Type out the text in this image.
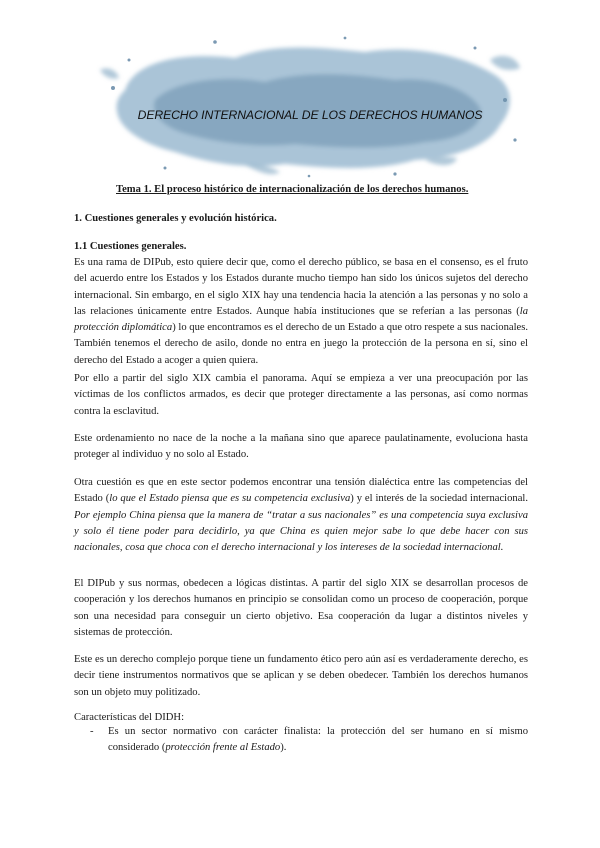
DERECHO INTERNACIONAL DE LOS DERECHOS HUMANOS
Tema 1. El proceso histórico de internacionalización de los derechos humanos.
1. Cuestiones generales y evolución histórica.
1.1 Cuestiones generales.
Es una rama de DIPub, esto quiere decir que, como el derecho público, se basa en el consenso, es el fruto del acuerdo entre los Estados y los Estados durante mucho tiempo han sido los únicos sujetos del derecho internacional. Sin embargo, en el siglo XIX hay una tendencia hacia la atención a las personas y no solo a las relaciones únicamente entre Estados. Aunque había instituciones que se referían a las personas (la protección diplomática) lo que encontramos es el derecho de un Estado a que otro respete a sus nacionales. También tenemos el derecho de asilo, donde no entra en juego la protección de la persona en sí, sino el derecho del Estado a acoger a quien quiera.
Por ello a partir del siglo XIX cambia el panorama. Aquí se empieza a ver una preocupación por las víctimas de los conflictos armados, es decir que proteger directamente a las personas, así como normas contra la esclavitud.
Este ordenamiento no nace de la noche a la mañana sino que aparece paulatinamente, evoluciona hasta proteger al individuo y no solo al Estado.
Otra cuestión es que en este sector podemos encontrar una tensión dialéctica entre las competencias del Estado (lo que el Estado piensa que es su competencia exclusiva) y el interés de la sociedad internacional. Por ejemplo China piensa que la manera de “tratar a sus nacionales” es una competencia suya exclusiva y solo él tiene poder para decidirlo, ya que China es quien mejor sabe lo que debe hacer con sus nacionales, cosa que choca con el derecho internacional y los intereses de la sociedad internacional.
El DIPub y sus normas, obedecen a lógicas distintas. A partir del siglo XIX se desarrollan procesos de cooperación y los derechos humanos en principio se consolidan como un proceso de cooperación, porque son una necesidad para conseguir un cierto objetivo. Esa cooperación da lugar a distintos niveles y sistemas de protección.
Este es un derecho complejo porque tiene un fundamento ético pero aún así es verdaderamente derecho, es decir tiene instrumentos normativos que se aplican y se deben obedecer. También los derechos humanos son un objeto muy politizado.
Características del DIDH:
- Es un sector normativo con carácter finalista: la protección del ser humano en sí mismo considerado (protección frente al Estado).
